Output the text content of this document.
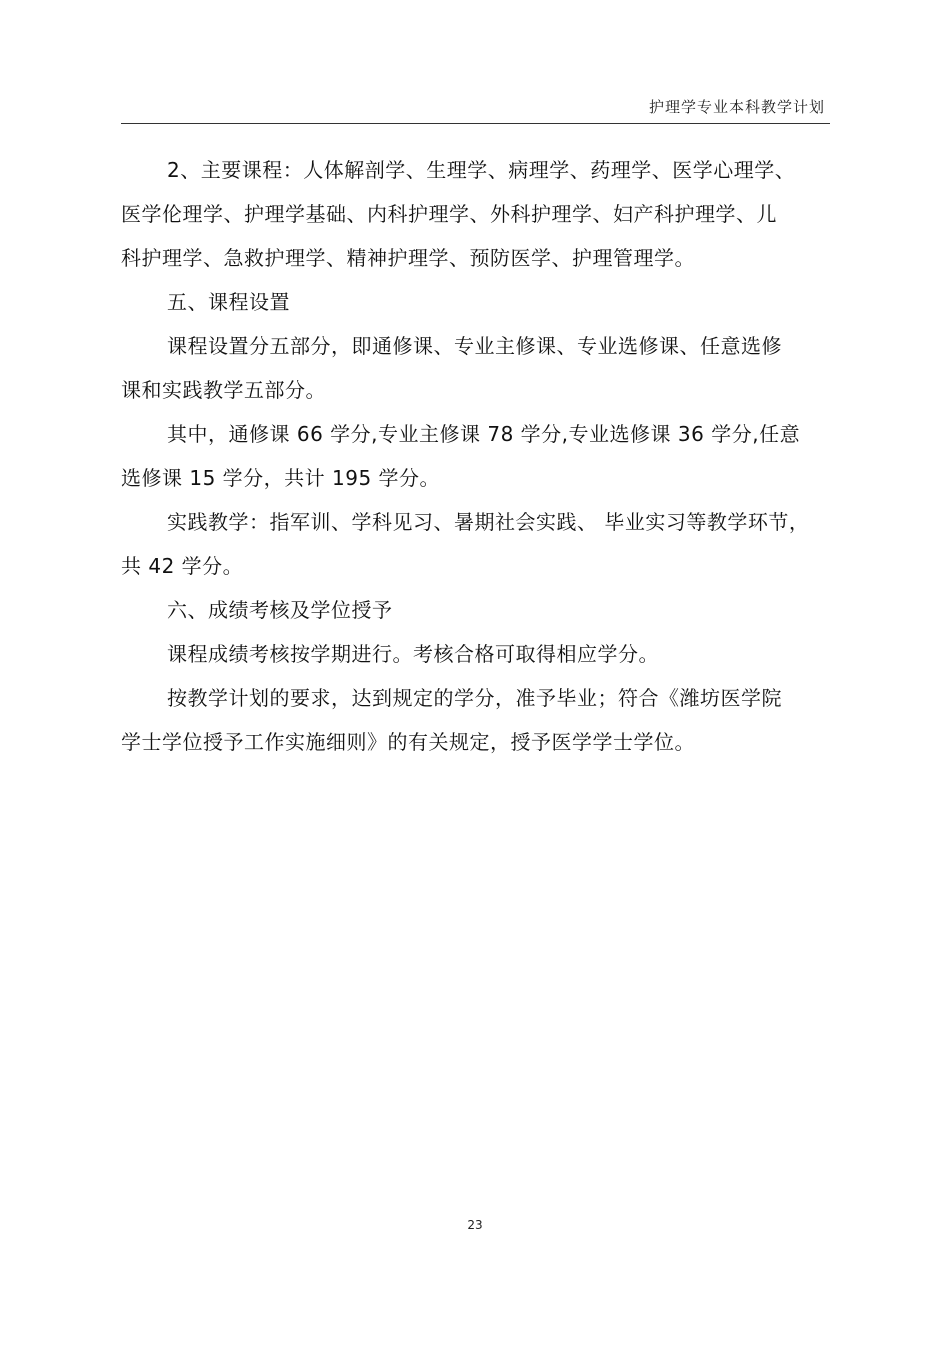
护理学专业本科教学计划
2、主要课程：人体解剖学、生理学、病理学、药理学、医学心理学、
医学伦理学、护理学基础、内科护理学、外科护理学、妇产科护理学、儿
科护理学、急救护理学、精神护理学、预防医学、护理管理学。
五、课程设置
课程设置分五部分，即通修课、专业主修课、专业选修课、任意选修
课和实践教学五部分。
其中，通修课 66 学分,专业主修课 78 学分,专业选修课 36 学分,任意
选修课 15 学分，共计 195 学分。
实践教学：指军训、学科见习、暑期社会实践、 毕业实习等教学环节，
共 42 学分。
六、成绩考核及学位授予
课程成绩考核按学期进行。考核合格可取得相应学分。
按教学计划的要求，达到规定的学分，准予毕业；符合《潍坊医学院
学士学位授予工作实施细则》的有关规定，授予医学学士学位。
23
